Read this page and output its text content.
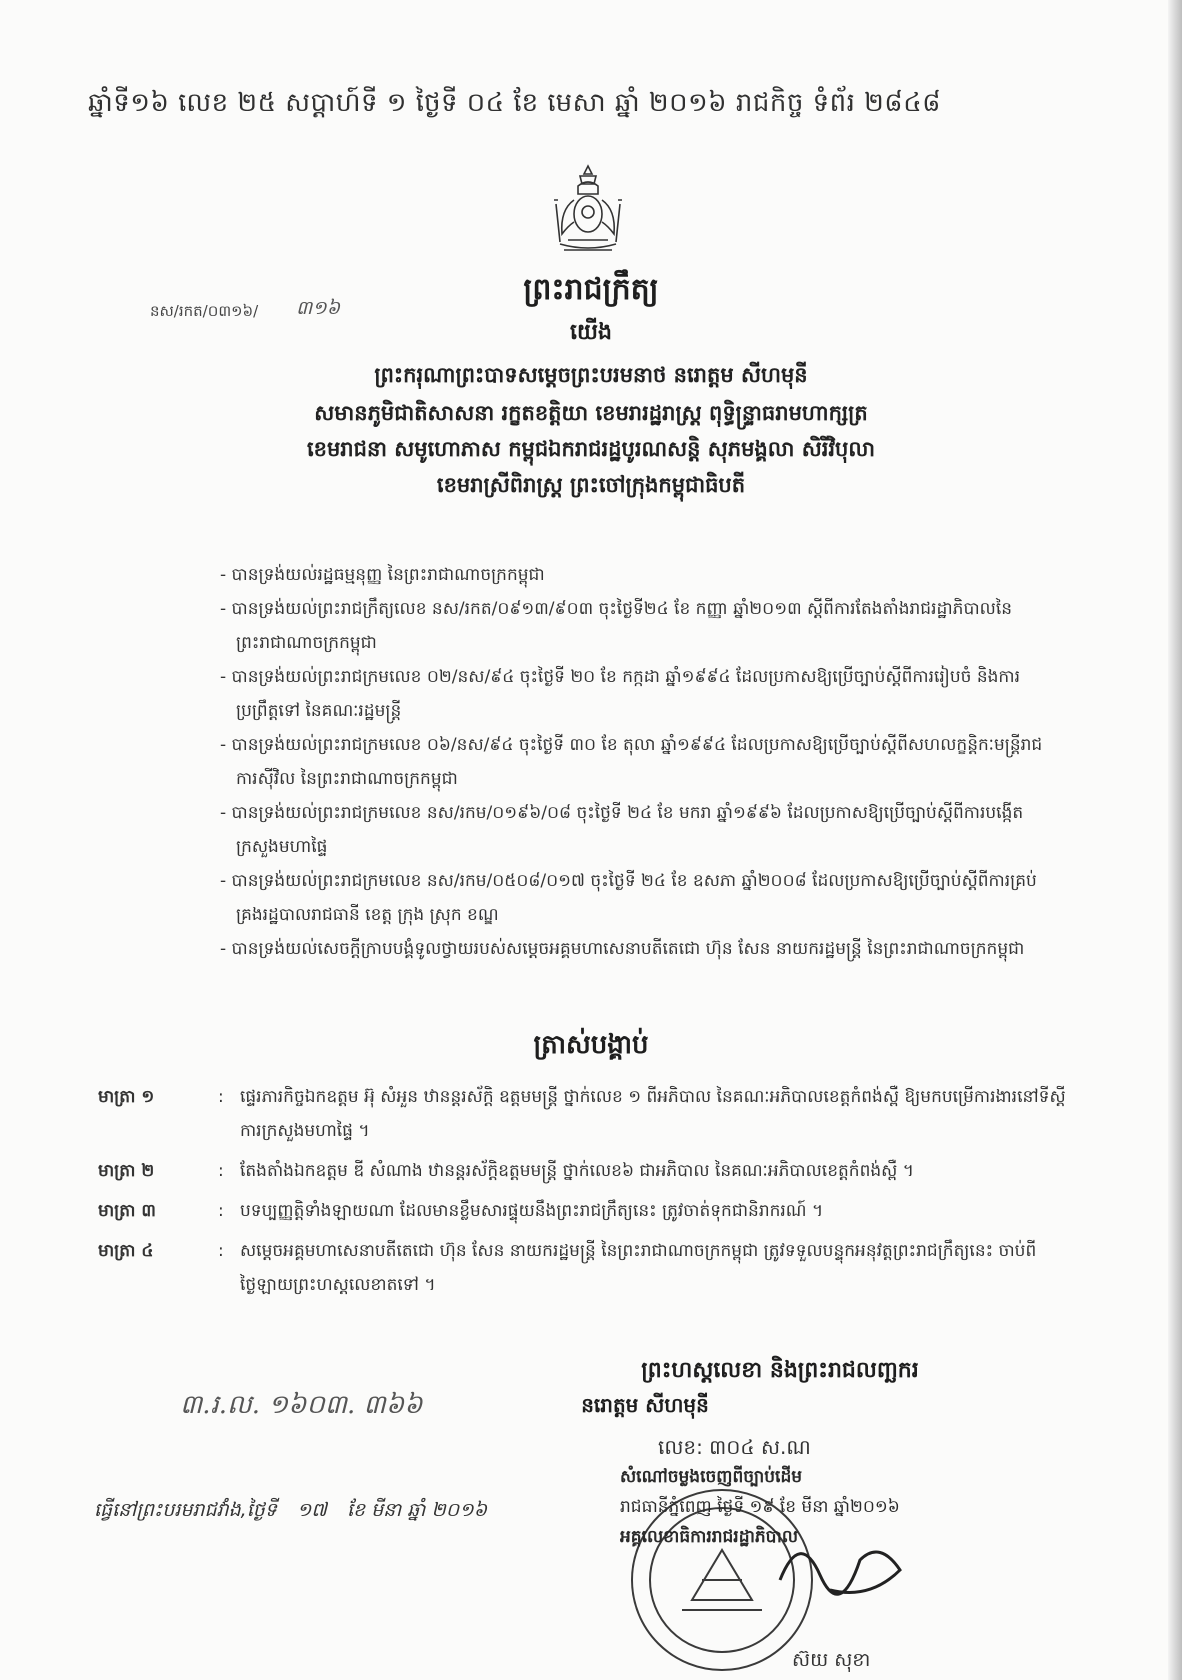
ឆ្នាំទី១៦ លេខ ២៥ សប្តាហ៍ទី ១ ថ្ងៃទី ០៤ ខែ មេសា ឆ្នាំ ២០១៦ រាជកិច្ច ទំព័រ ២៨៤៨
ព្រះរាជក្រឹត្យ
យើង
នស/រកត/០៣១៦/ ៣១៦
ព្រះករុណាព្រះបាទសម្តេចព្រះបរមនាថ នរោត្តម សីហមុនី
សមានភូមិជាតិសាសនា រក្ខតខត្តិយា ខេមរារដ្ឋរាស្ត្រ ពុទ្ធិន្ទ្រាធរាមហាក្សត្រ
ខេមរាជនា សមូហោភាស កម្ពុជឯករាជរដ្ឋបូរណសន្តិ សុភមង្គលា សិរីវិបុលា
ខេមរាស្រីពិរាស្ត្រ ព្រះចៅក្រុងកម្ពុជាធិបតី
- បានទ្រង់យល់រដ្ឋធម្មនុញ្ញ នៃព្រះរាជាណាចក្រកម្ពុជា
- បានទ្រង់យល់ព្រះរាជក្រឹត្យលេខ នស/រកត/០៩១៣/៩០៣ ចុះថ្ងៃទី២៤ ខែ កញ្ញា ឆ្នាំ២០១៣ ស្តីពីការតែងតាំងរាជរដ្ឋាភិបាលនៃព្រះរាជាណាចក្រកម្ពុជា
- បានទ្រង់យល់ព្រះរាជក្រមលេខ ០២/នស/៩៤ ចុះថ្ងៃទី ២០ ខែ កក្កដា ឆ្នាំ១៩៩៤ ដែលប្រកាសឱ្យប្រើច្បាប់ស្តីពីការរៀបចំ និងការប្រព្រឹត្តទៅ នៃគណៈរដ្ឋមន្ត្រី
- បានទ្រង់យល់ព្រះរាជក្រមលេខ ០៦/នស/៩៤ ចុះថ្ងៃទី ៣០ ខែ តុលា ឆ្នាំ១៩៩៤ ដែលប្រកាសឱ្យប្រើច្បាប់ស្តីពីសហលក្ខន្តិកៈមន្ត្រីរាជការស៊ីវិល នៃព្រះរាជាណាចក្រកម្ពុជា
- បានទ្រង់យល់ព្រះរាជក្រមលេខ នស/រកម/០១៩៦/០៨ ចុះថ្ងៃទី ២៤ ខែ មករា ឆ្នាំ១៩៩៦ ដែលប្រកាសឱ្យប្រើច្បាប់ស្តីពីការបង្កើតក្រសួងមហាផ្ទៃ
- បានទ្រង់យល់ព្រះរាជក្រមលេខ នស/រកម/០៥០៨/០១៧ ចុះថ្ងៃទី ២៤ ខែ ឧសភា ឆ្នាំ២០០៨ ដែលប្រកាសឱ្យប្រើច្បាប់ស្តីពីការគ្រប់គ្រងរដ្ឋបាលរាជធានី ខេត្ត ក្រុង ស្រុក ខណ្ឌ
- បានទ្រង់យល់សេចក្តីក្រាបបង្គំទូលថ្វាយរបស់សម្តេចអគ្គមហាសេនាបតីតេជោ ហ៊ុន សែន នាយករដ្ឋមន្ត្រី នៃព្រះរាជាណាចក្រកម្ពុជា
ត្រាស់បង្គាប់
មាត្រា ១	: ផ្ទេរភារកិច្ចឯកឧត្តម អ៊ុ សំអួន ឋានន្តរស័ក្តិ ឧត្តមមន្ត្រី ថ្នាក់លេខ ១ ពីអភិបាល នៃគណៈអភិបាលខេត្តកំពង់ស្ពឺ ឱ្យមកបម្រើការងារនៅទីស្តីការក្រសួងមហាផ្ទៃ ។
មាត្រា ២	: តែងតាំងឯកឧត្តម ឌី សំណាង ឋានន្តរស័ក្តិឧត្តមមន្ត្រី ថ្នាក់លេខ៦ ជាអភិបាល នៃគណៈអភិបាលខេត្តកំពង់ស្ពឺ ។
មាត្រា ៣	: បទប្បញ្ញត្តិទាំងឡាយណា ដែលមានខ្លឹមសារផ្ទុយនឹងព្រះរាជក្រឹត្យនេះ ត្រូវចាត់ទុកជានិរាករណ៍ ។
មាត្រា ៤	: សម្តេចអគ្គមហាសេនាបតីតេជោ ហ៊ុន សែន នាយករដ្ឋមន្ត្រី នៃព្រះរាជាណាចក្រកម្ពុជា ត្រូវទទួលបន្ទុកអនុវត្តព្រះរាជក្រឹត្យនេះ ចាប់ពីថ្ងៃឡាយព្រះហស្តលេខាតទៅ ។
ព្រះហស្តលេខា និងព្រះរាជលញ្ឆករ
នរោត្តម សីហមុនី
៣.រ.ល. ១៦០៣. ៣៦៦
ធ្វើនៅព្រះបរមរាជវាំង,ថ្ងៃទី ១៧ ខែ មីនា ឆ្នាំ ២០១៦
លេខ: ៣០៤ ស.ណ
សំណៅចម្លងចេញពីច្បាប់ដើម
រាជធានីភ្នំពេញ ថ្ងៃទី ១៩ ខែ មីនា ឆ្នាំ២០១៦
អគ្គលេខាធិការរាជរដ្ឋាភិបាល
ស៊យ សុខា
